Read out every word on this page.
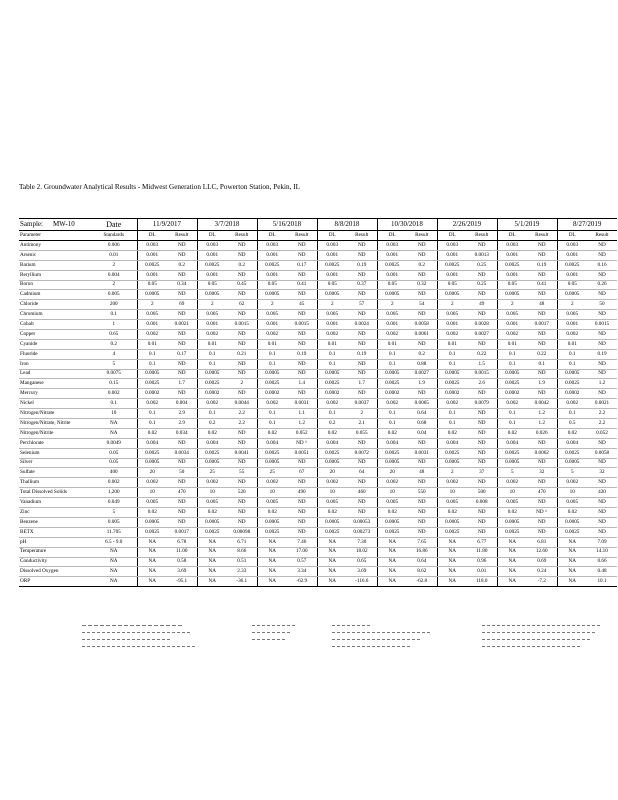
Table 2. Groundwater Analytical Results - Midwest Generation LLC, Powerton Station, Pekin, IL
Sample: MW-10	Date	11/9/2017		3/7/2018		5/16/2018		8/8/2018		10/30/2018		2/26/2019		5/1/2019		8/27/2019	
Parameter	Standards	DL	Result	DL	Result	DL	Result	DL	Result	DL	Result	DL	Result	DL	Result	DL	Result
Antimony	0.006	0.003	ND	0.003	ND	0.003	ND	0.003	ND	0.003	ND	0.003	ND	0.003	ND	0.003	ND
Arsenic	0.01	0.001	ND	0.001	ND	0.001	ND	0.001	ND	0.001	ND	0.001	0.0013	0.001	ND	0.001	ND
Barium	2	0.0025	0.2	0.0025	0.2	0.0025	0.17	0.0025	0.19	0.0025	0.2	0.0025	0.25	0.0025	0.19	0.0025	0.16
Beryllium	0.004	0.001	ND	0.001	ND	0.001	ND	0.001	ND	0.001	ND	0.001	ND	0.001	ND	0.001	ND
Boron	2	0.05	0.34	0.05	0.45	0.05	0.41	0.05	0.37	0.05	0.32	0.05	0.25	0.05	0.41	0.05	0.26
Cadmium	0.005	0.0005	ND	0.0005	ND	0.0005	ND	0.0005	ND	0.0005	ND	0.0005	ND	0.0005	ND	0.0005	ND
Chloride	200	2	69	2	62	2	45	2	57	2	54	2	49	2	48	2	50
Chromium	0.1	0.005	ND	0.005	ND	0.005	ND	0.005	ND	0.005	ND	0.005	ND	0.005	ND	0.005	ND
Cobalt	1	0.001	0.0021	0.001	0.0015	0.001	0.0015	0.001	0.0024	0.001	0.0058	0.001	0.0028	0.001	0.0017	0.001	0.0015
Copper	0.65	0.002	ND	0.002	ND	0.002	ND	0.002	ND	0.002	0.0061	0.002	0.0027	0.002	ND	0.002	ND
Cyanide	0.2	0.01	ND	0.01	ND	0.01	ND	0.01	ND	0.01	ND	0.01	ND	0.01	ND	0.01	ND
Fluoride	4	0.1	0.17	0.1	0.21	0.1	0.19	0.1	0.19	0.1	0.2	0.1	0.22	0.1	0.22	0.1	0.19
Iron	5	0.1	ND	0.1	ND	0.1	ND	0.1	ND	0.1	0.88	0.1	1.5	0.1	0.1	0.1	ND
Lead	0.0075	0.0005	ND	0.0005	ND	0.0005	ND	0.0005	ND	0.0005	0.0027	0.0005	0.0015	0.0005	ND	0.0005	ND
Manganese	0.15	0.0025	1.7	0.0025	2	0.0025	1.4	0.0025	1.7	0.0025	1.9	0.0025	2.6	0.0025	1.9	0.0025	1.2
Mercury	0.002	0.0002	ND	0.0002	ND	0.0002	ND	0.0002	ND	0.0002	ND	0.0002	ND	0.0002	ND	0.0002	ND
Nickel	0.1	0.002	0.004	0.002	0.0044	0.002	0.0031	0.002	0.0037	0.002	0.0065	0.002	0.0079	0.002	0.0042	0.002	0.0021
Nitrogen/Nitrate	10	0.1	2.9	0.1	2.2	0.1	1.1	0.1	2	0.1	0.64	0.1	ND	0.1	1.2	0.1	2.2
Nitrogen/Nitrate, Nitrite	NA	0.1	2.9	0.2	2.2	0.1	1.2	0.2	2.1	0.1	0.68	0.1	ND	0.1	1.2	0.5	2.2
Nitrogen/Nitrite	NA	0.02	0.034	0.02	ND	0.02	0.052	0.02	0.055	0.02	0.04	0.02	ND	0.02	0.026	0.02	0.052
Perchlorate	0.0049	0.004	ND	0.004	ND	0.004	ND ^	0.004	ND	0.004	ND	0.004	ND	0.004	ND	0.004	ND
Selenium	0.05	0.0025	0.0034	0.0025	0.0041	0.0025	0.0051	0.0025	0.0072	0.0025	0.0031	0.0025	ND	0.0025	0.0062	0.0025	0.0058
Silver	0.05	0.0005	ND	0.0005	ND	0.0005	ND	0.0005	ND	0.0005	ND	0.0005	ND	0.0005	ND	0.0005	ND
Sulfate	400	20	50	25	55	25	67	20	64	20	48	2	37	5	32	5	32
Thallium	0.002	0.002	ND	0.002	ND	0.002	ND	0.002	ND	0.002	ND	0.002	ND	0.002	ND	0.002	ND
Total Dissolved Solids	1,200	10	470	10	520	10	490	10	460	10	550	10	500	10	470	10	420
Vanadium	0.049	0.005	ND	0.005	ND	0.005	ND	0.005	ND	0.005	ND	0.005	0.008	0.005	ND	0.005	ND
Zinc	5	0.02	ND	0.02	ND	0.02	ND	0.02	ND	0.02	ND	0.02	ND	0.02	ND ^	0.02	ND
Benzene	0.005	0.0005	ND	0.0005	ND	0.0005	ND	0.0005	0.00053	0.0005	ND	0.0005	ND	0.0005	ND	0.0005	ND
BETX	11.705	0.0025	0.0017	0.0025	0.00098	0.0025	ND	0.0025	0.00273	0.0025	ND	0.0025	ND	0.0025	ND	0.0025	ND
pH	6.5 - 9.0	NA	6.78	NA	6.71	NA	7.46	NA	7.30	NA	7.65	NA	6.77	NA	6.81	NA	7.09
Temperature	NA	NA	11.00	NA	8.66	NA	17.00	NA	18.02	NA	16.86	NA	11.80	NA	12.60	NA	14.10
Conductivity	NA	NA	0.58	NA	0.51	NA	0.57	NA	0.65	NA	0.64	NA	0.96	NA	0.69	NA	0.66
Dissolved Oxygen	NA	NA	3.69	NA	2.33	NA	3.34	NA	3.69	NA	8.62	NA	0.01	NA	0.24	NA	0.48
ORP	NA	NA	-95.1	NA	-36.1	NA	-62.9	NA	-116.6	NA	-62.8	NA	118.0	NA	-7.2	NA	10.1
